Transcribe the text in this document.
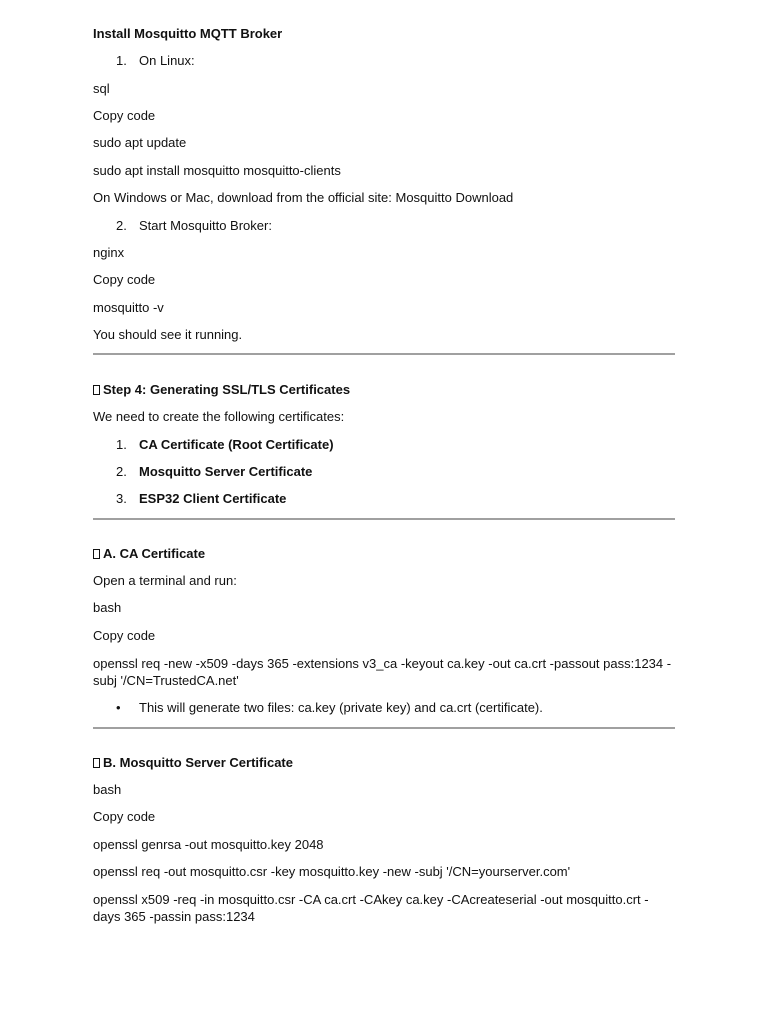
Install Mosquitto MQTT Broker
1. On Linux:
sql
Copy code
sudo apt update
sudo apt install mosquitto mosquitto-clients
On Windows or Mac, download from the official site: Mosquitto Download
2. Start Mosquitto Broker:
nginx
Copy code
mosquitto -v
You should see it running.
Step 4: Generating SSL/TLS Certificates
We need to create the following certificates:
1. CA Certificate (Root Certificate)
2. Mosquitto Server Certificate
3. ESP32 Client Certificate
A. CA Certificate
Open a terminal and run:
bash
Copy code
openssl req -new -x509 -days 365 -extensions v3_ca -keyout ca.key -out ca.crt -passout pass:1234 -subj '/CN=TrustedCA.net'
• This will generate two files: ca.key (private key) and ca.crt (certificate).
B. Mosquitto Server Certificate
bash
Copy code
openssl genrsa -out mosquitto.key 2048
openssl req -out mosquitto.csr -key mosquitto.key -new -subj '/CN=yourserver.com'
openssl x509 -req -in mosquitto.csr -CA ca.crt -CAkey ca.key -CAcreateserial -out mosquitto.crt -days 365 -passin pass:1234
